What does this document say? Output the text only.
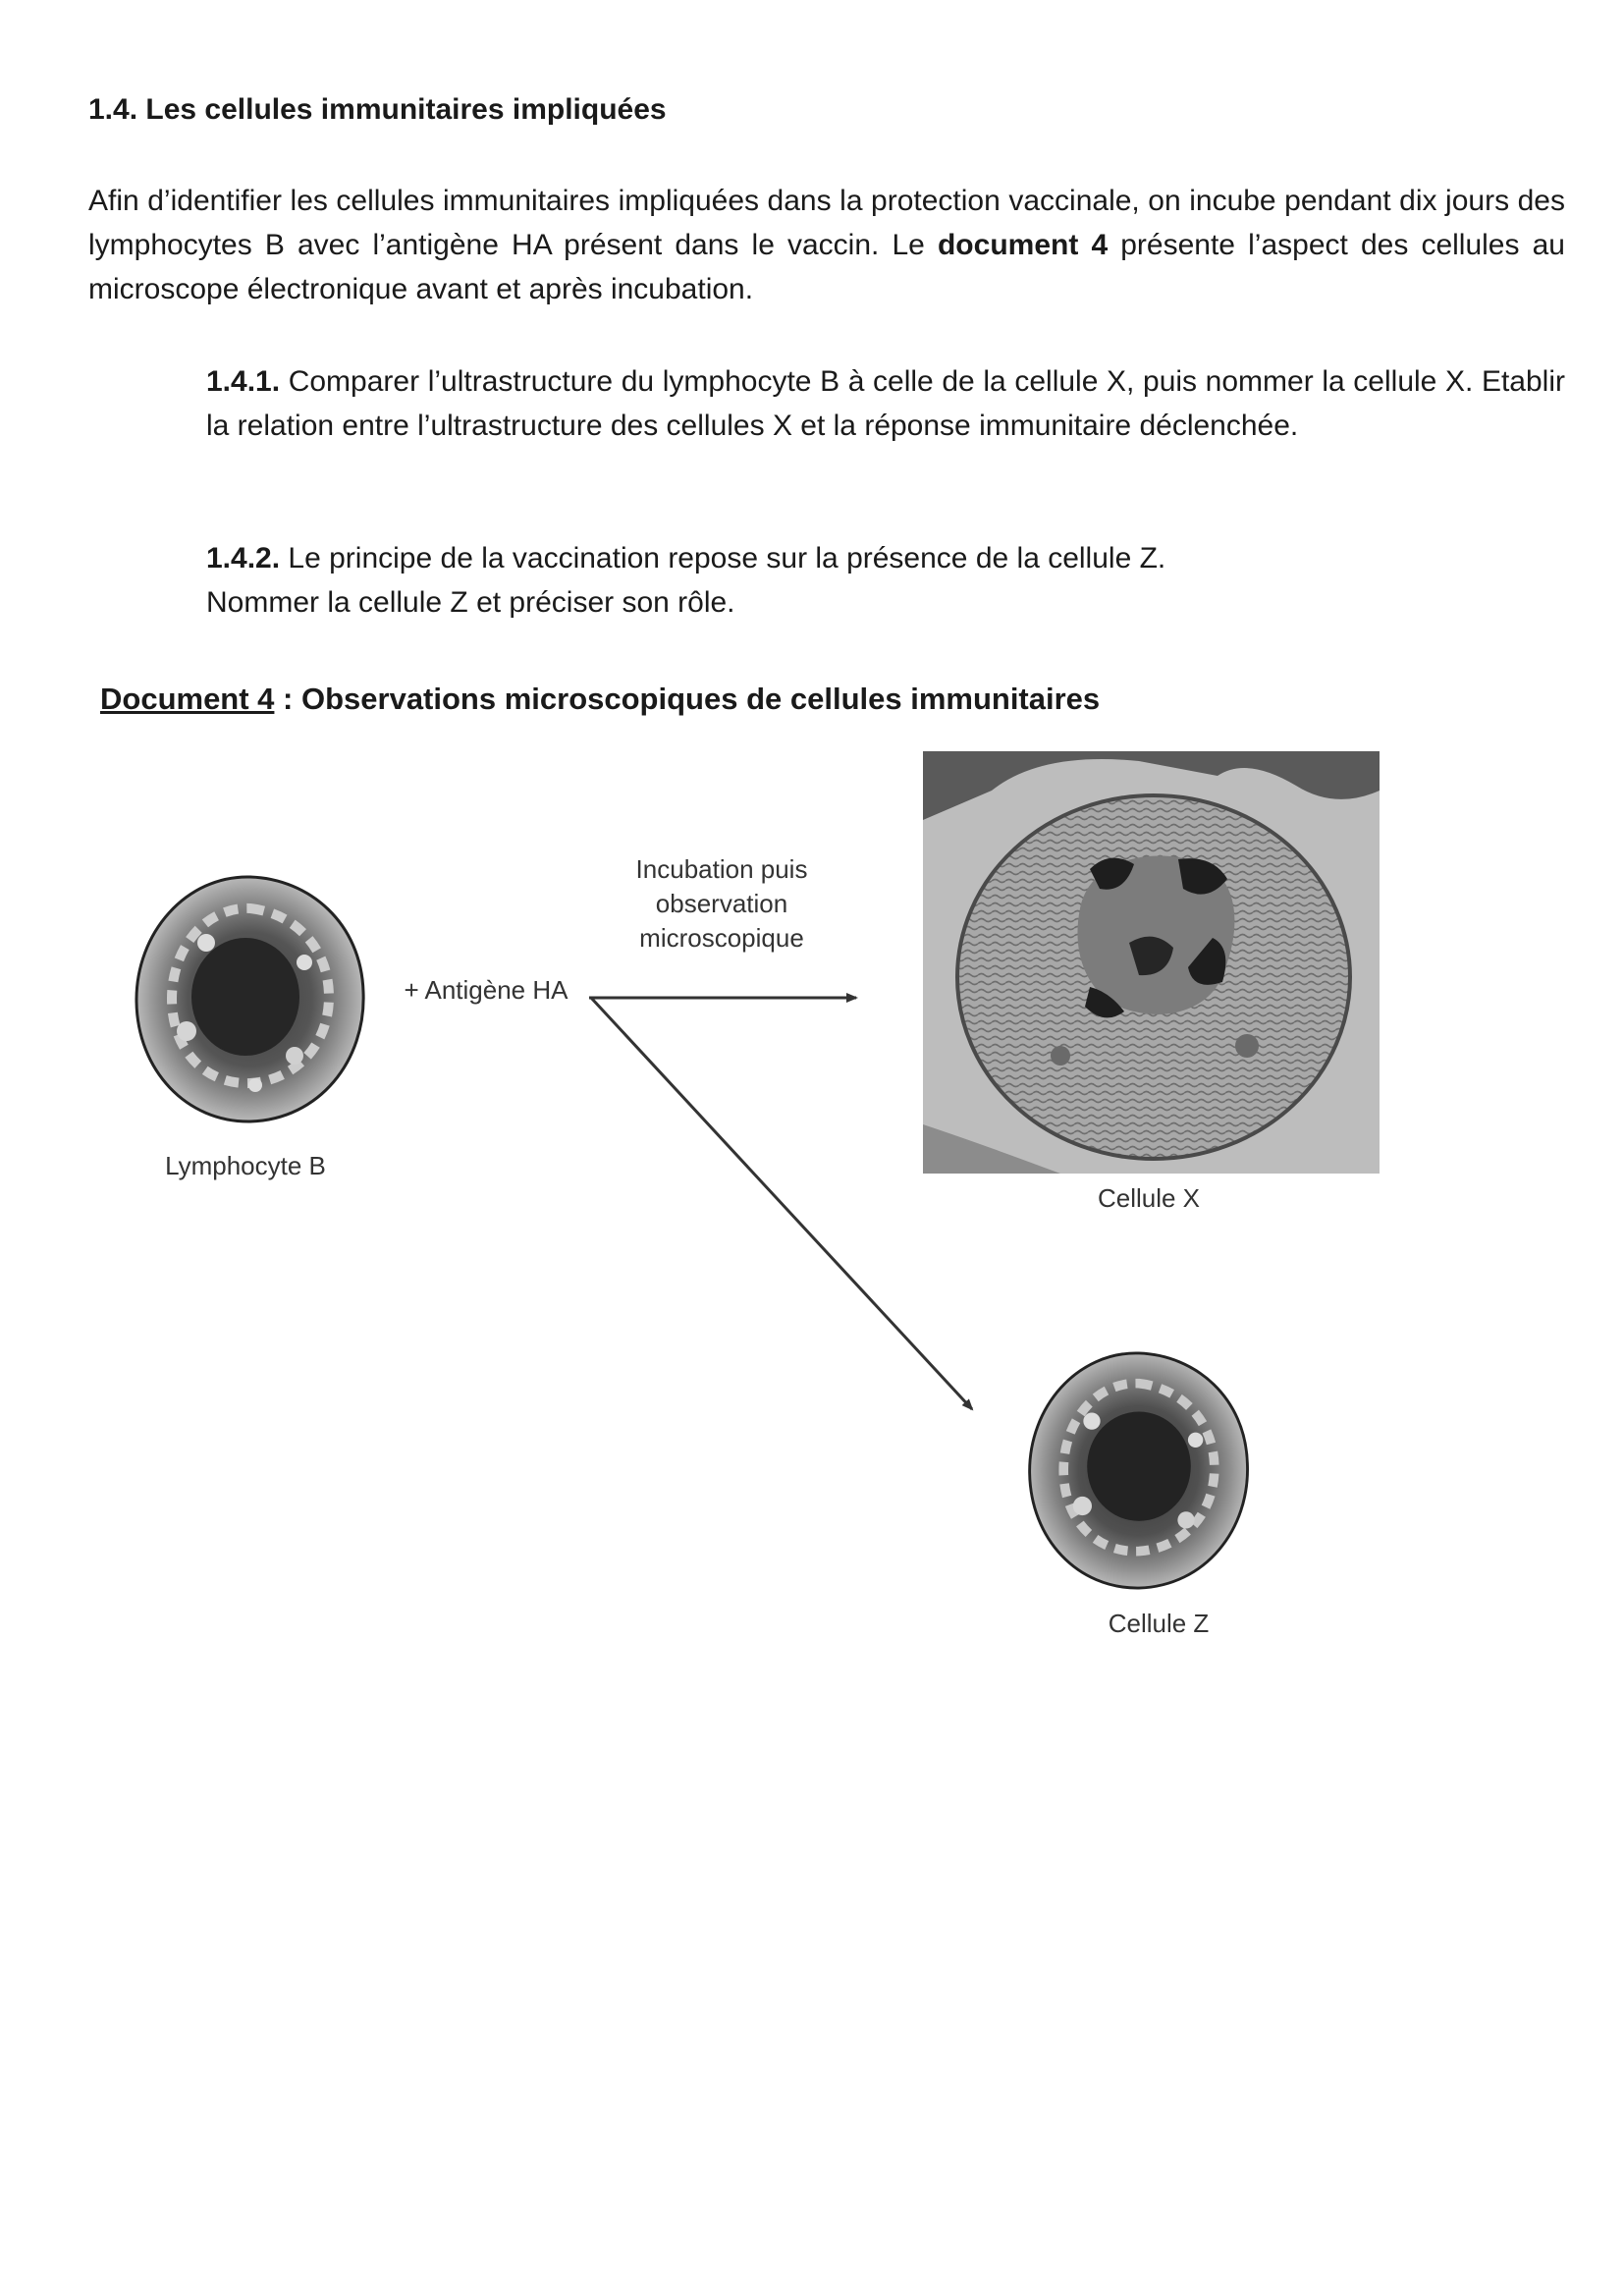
1.4. Les cellules immunitaires impliquées

Afin d’identifier les cellules immunitaires impliquées dans la protection vaccinale, on incube pendant dix jours des lymphocytes B avec l’antigène HA présent dans le vaccin. Le document 4 présente l’aspect des cellules au microscope électronique avant et après incubation.

1.4.1. Comparer l’ultrastructure du lymphocyte B à celle de la cellule X, puis nommer la cellule X. Etablir la relation entre l’ultrastructure des cellules X et la réponse immunitaire déclenchée.

1.4.2. Le principe de la vaccination repose sur la présence de la cellule Z.
Nommer la cellule Z et préciser son rôle.

Document 4 : Observations microscopiques de cellules immunitaires

Incubation puis
observation
microscopique
+ Antigène HA
Lymphocyte B
Cellule X
Cellule Z
